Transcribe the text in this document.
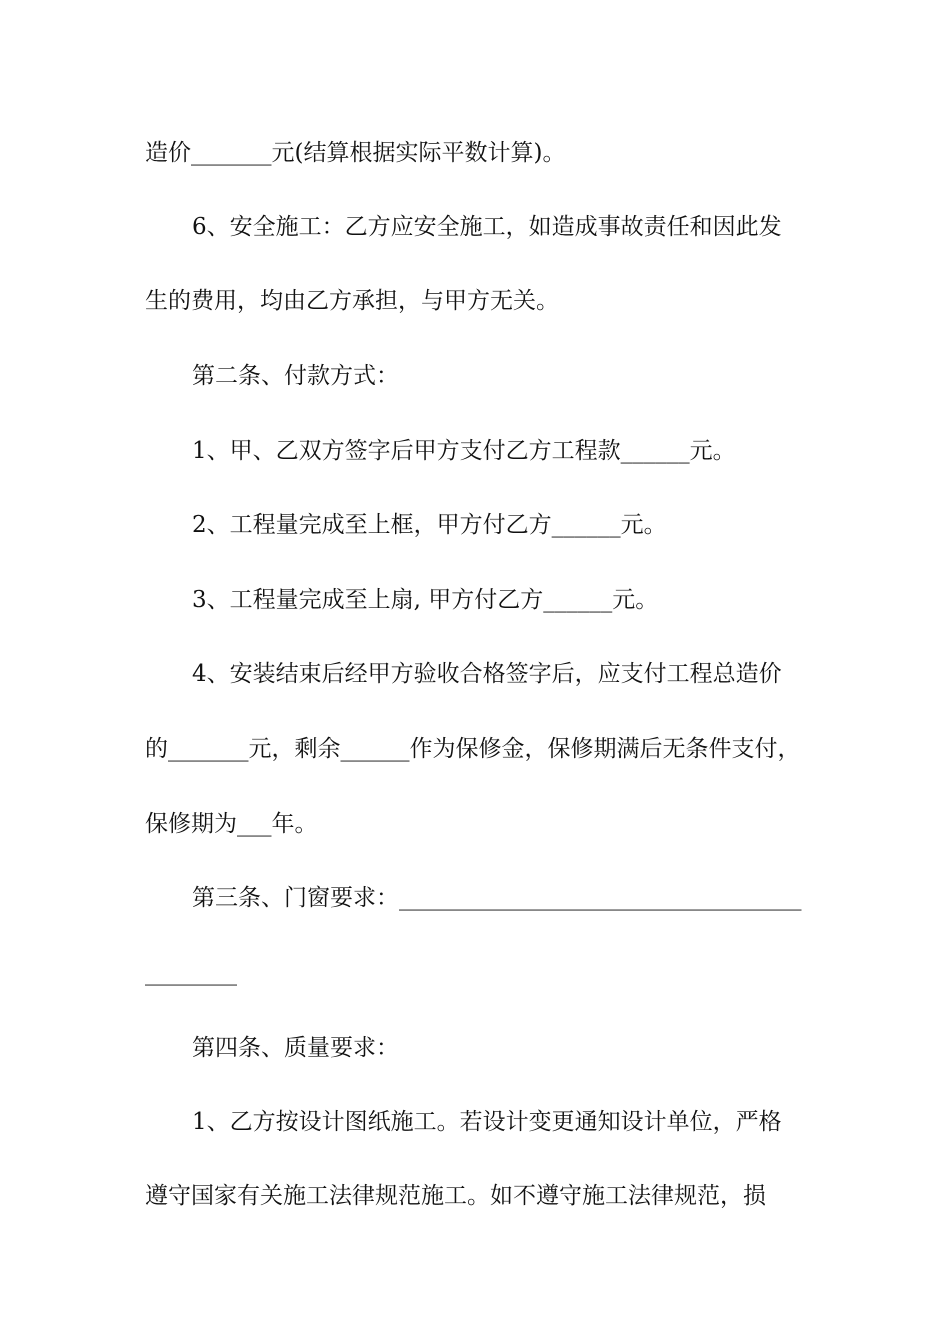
造价_______元(结算根据实际平数计算)。
6、安全施工：乙方应安全施工，如造成事故责任和因此发
生的费用，均由乙方承担，与甲方无关。
第二条、付款方式：
1、甲、乙双方签字后甲方支付乙方工程款______元。
2、工程量完成至上框，甲方付乙方______元。
3、工程量完成至上扇, 甲方付乙方______元。
4、安装结束后经甲方验收合格签字后，应支付工程总造价
的_______元，剩余______作为保修金，保修期满后无条件支付，
保修期为___年。
第三条、门窗要求：___________________________________
________
第四条、质量要求：
1、乙方按设计图纸施工。若设计变更通知设计单位，严格
遵守国家有关施工法律规范施工。如不遵守施工法律规范，损
